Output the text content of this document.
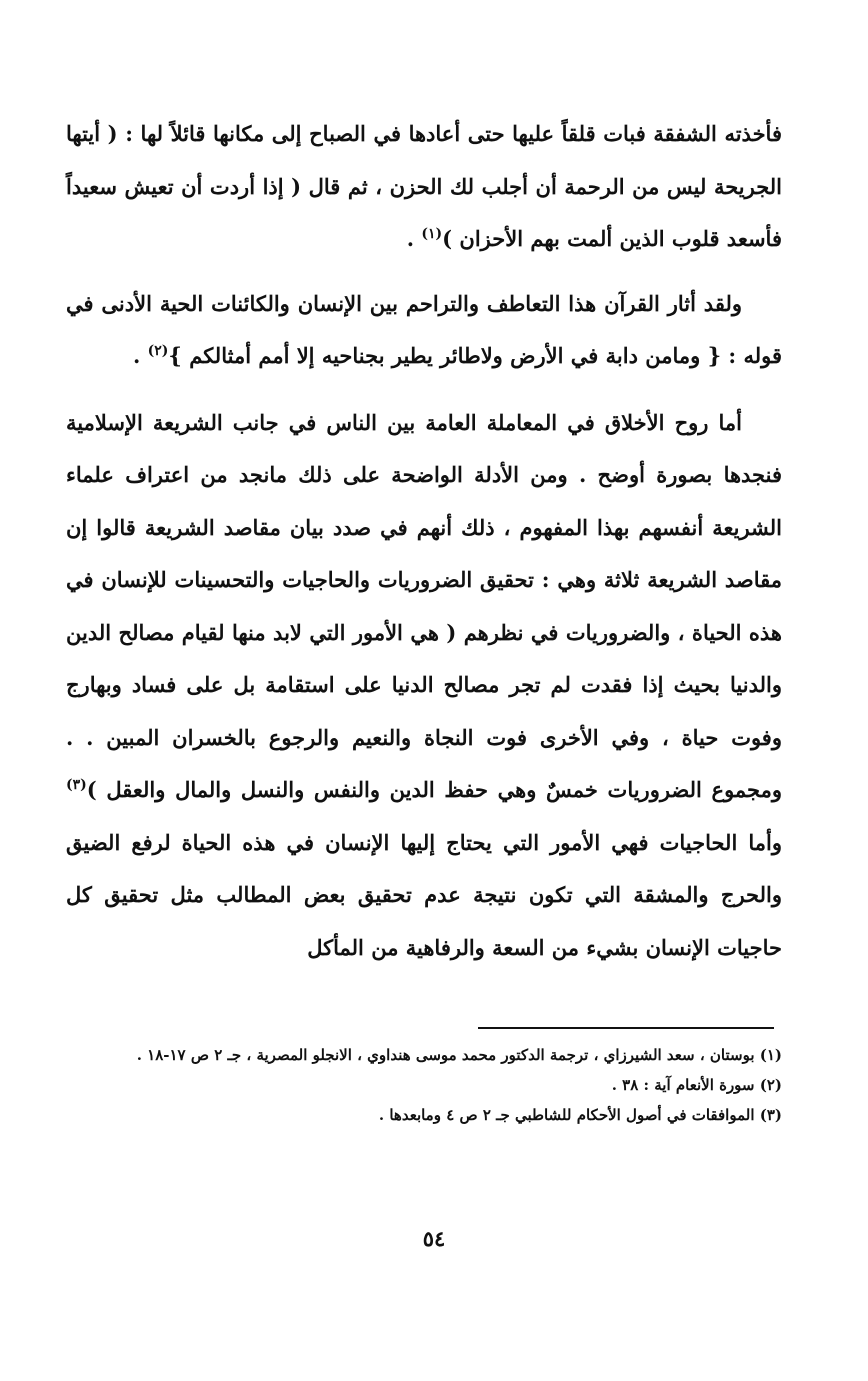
فأخذته الشفقة فبات قلقاً عليها حتى أعادها في الصباح إلى مكانها قائلاً لها : ( أيتها الجريحة ليس من الرحمة أن أجلب لك الحزن ، ثم قال ( إذا أردت أن تعيش سعيداً فأسعد قلوب الذين ألمت بهم الأحزان )$^{(١)}$ .

ولقد أثار القرآن هذا التعاطف والتراحم بين الإنسان والكائنات الحية الأدنى في قوله : { ومامن دابة في الأرض ولاطائر يطير بجناحيه إلا أمم أمثالكم }$^{(٢)}$ .

أما روح الأخلاق في المعاملة العامة بين الناس في جانب الشريعة الإسلامية فنجدها بصورة أوضح . ومن الأدلة الواضحة على ذلك مانجد من اعتراف علماء الشريعة أنفسهم بهذا المفهوم ، ذلك أنهم في صدد بيان مقاصد الشريعة قالوا إن مقاصد الشريعة ثلاثة وهي : تحقيق الضروريات والحاجيات والتحسينات للإنسان في هذه الحياة ، والضروريات في نظرهم ( هي الأمور التي لابد منها لقيام مصالح الدين والدنيا بحيث إذا فقدت لم تجر مصالح الدنيا على استقامة بل على فساد وبهارج وفوت حياة ، وفي الأخرى فوت النجاة والنعيم والرجوع بالخسران المبين . . ومجموع الضروريات خمسٌ وهي حفظ الدين والنفس والنسل والمال والعقل )$^{(٣)}$ وأما الحاجيات فهي الأمور التي يحتاج إليها الإنسان في هذه الحياة لرفع الضيق والحرج والمشقة التي تكون نتيجة عدم تحقيق بعض المطالب مثل تحقيق كل حاجيات الإنسان بشيء من السعة والرفاهية من المأكل

(١) بوستان ، سعد الشيرزاي ، ترجمة الدكتور محمد موسى هنداوي ، الانجلو المصرية ، جـ ٢ ص ١٧-١٨ .

(٢) سورة الأنعام آية : ٣٨ .

(٣) الموافقات في أصول الأحكام للشاطبي جـ ٢ ص ٤ ومابعدها .

٥٤
